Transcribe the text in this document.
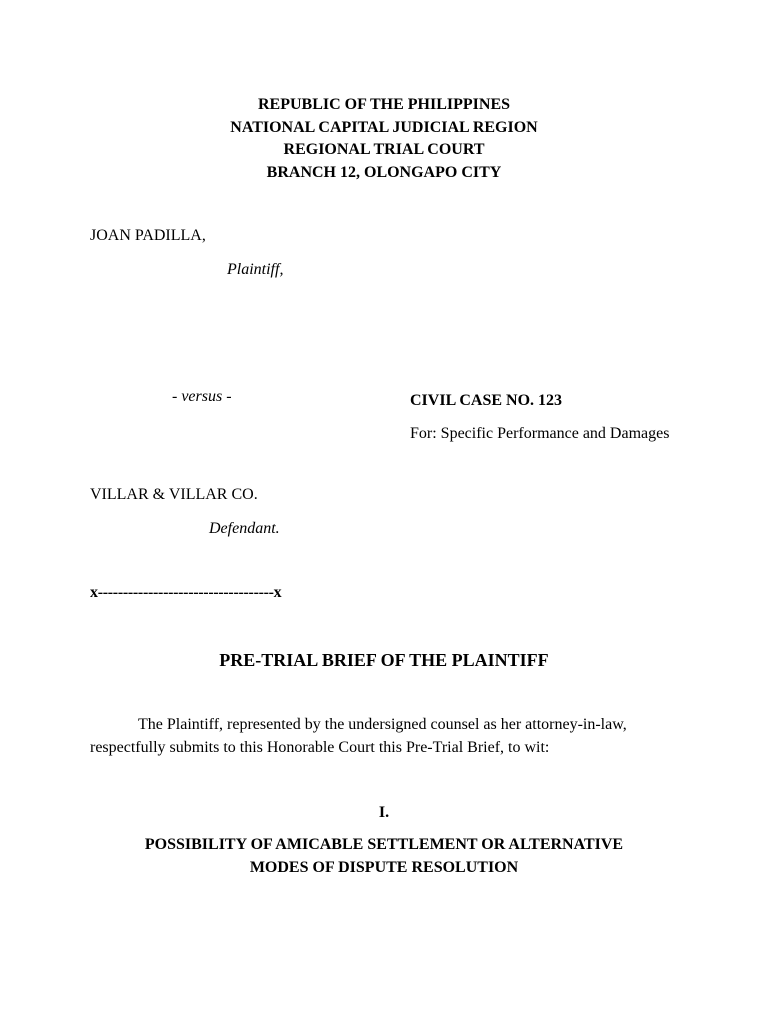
REPUBLIC OF THE PHILIPPINES
NATIONAL CAPITAL JUDICIAL REGION
REGIONAL TRIAL COURT
BRANCH 12, OLONGAPO CITY
JOAN PADILLA,
Plaintiff,
- versus -	CIVIL CASE NO. 123
For: Specific Performance and Damages
VILLAR & VILLAR CO.
Defendant.
x-----------------------------------x
PRE-TRIAL BRIEF OF THE PLAINTIFF
The Plaintiff, represented by the undersigned counsel as her attorney-in-law,
respectfully submits to this Honorable Court this Pre-Trial Brief, to wit:
I.
POSSIBILITY OF AMICABLE SETTLEMENT OR ALTERNATIVE
MODES OF DISPUTE RESOLUTION
